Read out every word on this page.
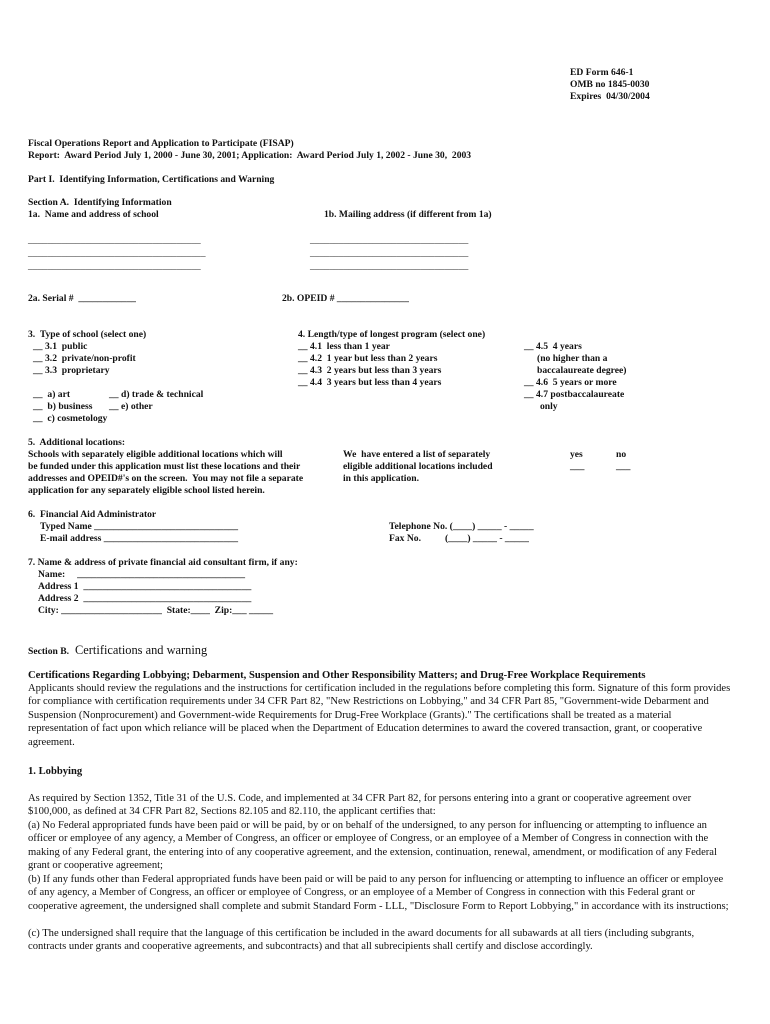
ED Form 646-1
OMB no 1845-0030
Expires  04/30/2004
Fiscal Operations Report and Application to Participate (FISAP)
Report:  Award Period July 1, 2000 - June 30, 2001; Application:  Award Period July 1, 2002 - June 30,  2003
Part I.  Identifying Information, Certifications and Warning
Section A.  Identifying Information
1a.  Name and address of school	1b. Mailing address (if different from 1a)
____________________________________
_____________________________________
____________________________________
_________________________________
_________________________________
_________________________________
2a. Serial #  ____________	2b. OPEID # _______________
3.  Type of school (select one)
__ 3.1  public
__ 3.2  private/non-profit
__ 3.3  proprietary
__  a) art
__  b) business
__  c) cosmetology
__ d) trade & technical
__ e) other
4. Length/type of longest program (select one)
__ 4.1  less than 1 year
__ 4.2  1 year but less than 2 years
__ 4.3  2 years but less than 3 years
__ 4.4  3 years but less than 4 years
__ 4.5  4 years
(no higher than a
baccalaureate degree)
__ 4.6  5 years or more
__ 4.7 postbaccalaureate
only
5.  Additional locations:
Schools with separately eligible additional locations which will
be funded under this application must list these locations and their
addresses and OPEID#'s on the screen.  You may not file a separate
application for any separately eligible school listed herein.
We  have entered a list of separately
eligible additional locations included
in this application.
yes	no
___	___
6.  Financial Aid Administrator
Typed Name ______________________________
E-mail address ____________________________
Telephone No. (____) _____ - _____
Fax No.          (____) _____ - _____
7. Name & address of private financial aid consultant firm, if any:
Name:     ___________________________________
Address 1  ___________________________________
Address 2  ___________________________________
City: _____________________  State:____  Zip:___ _____
Section B. Certifications and warning
Certifications Regarding Lobbying; Debarment, Suspension and Other Responsibility Matters; and Drug-Free Workplace Requirements
Applicants should review the regulations and the instructions for certification included in the regulations before completing this form. Signature of this form provides for compliance with certification requirements under 34 CFR Part 82, "New Restrictions on Lobbying," and 34 CFR Part 85, "Government-wide Debarment and Suspension (Nonprocurement) and Government-wide Requirements for Drug-Free Workplace (Grants)." The certifications shall be treated as a material representation of fact upon which reliance will be placed when the Department of Education determines to award the covered transaction, grant, or cooperative agreement.
1. Lobbying
As required by Section 1352, Title 31 of the U.S. Code, and implemented at 34 CFR Part 82, for persons entering into a grant or cooperative agreement over $100,000, as defined at 34 CFR Part 82, Sections 82.105 and 82.110, the applicant certifies that:
(a) No Federal appropriated funds have been paid or will be paid, by or on behalf of the undersigned, to any person for influencing or attempting to influence an officer or employee of any agency, a Member of Congress, an officer or employee of Congress, or an employee of a Member of Congress in connection with the making of any Federal grant, the entering into of any cooperative agreement, and the extension, continuation, renewal, amendment, or modification of any Federal grant or cooperative agreement;
(b) If any funds other than Federal appropriated funds have been paid or will be paid to any person for influencing or attempting to influence an officer or employee of any agency, a Member of Congress, an officer or employee of Congress, or an employee of a Member of Congress in connection with this Federal grant or cooperative agreement, the undersigned shall complete and submit Standard Form - LLL, "Disclosure Form to Report Lobbying," in accordance with its instructions;
(c) The undersigned shall require that the language of this certification be included in the award documents for all subawards at all tiers (including subgrants, contracts under grants and cooperative agreements, and subcontracts) and that all subrecipients shall certify and disclose accordingly.
